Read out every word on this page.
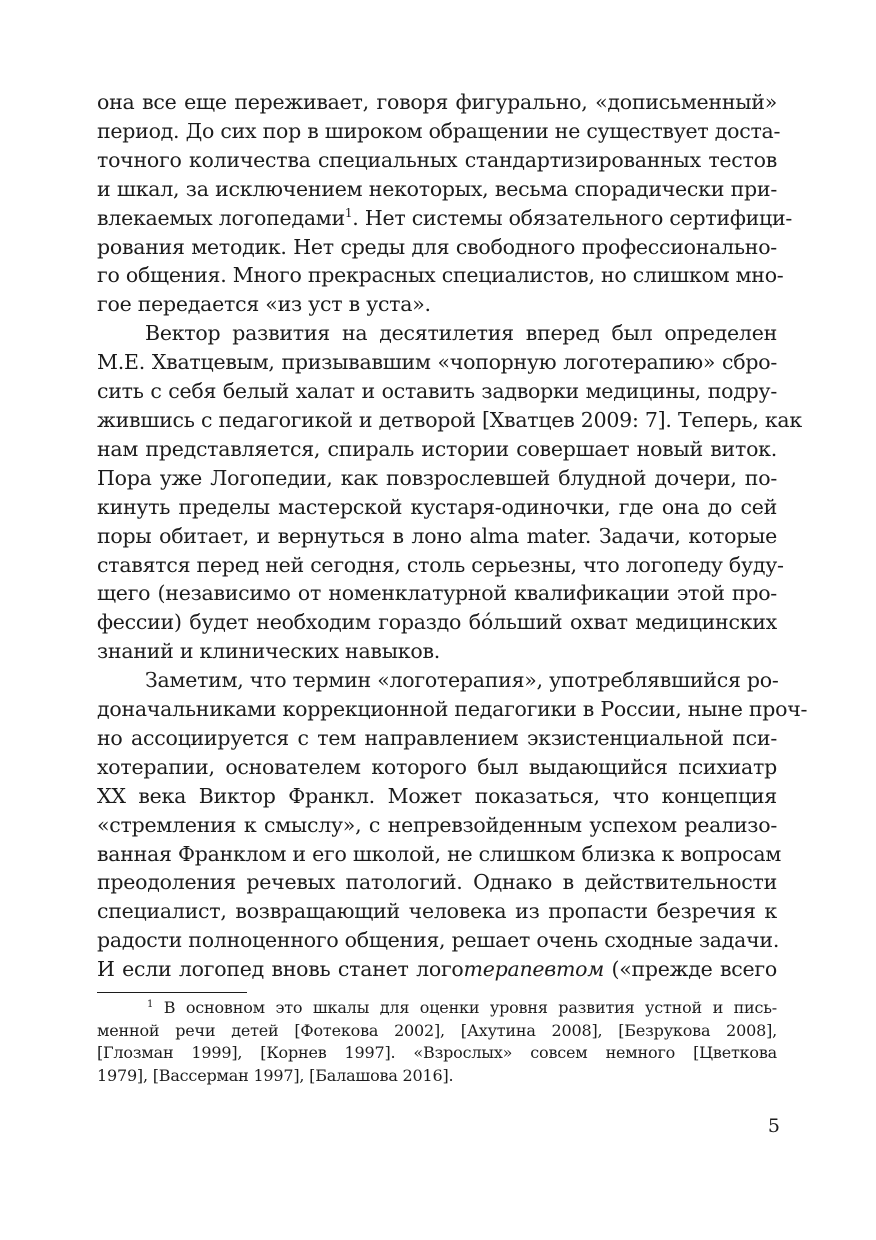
она все еще переживает, говоря фигурально, «дописьменный»
период. До сих пор в широком обращении не существует доста-
точного количества специальных стандартизированных тестов
и шкал, за исключением некоторых, весьма спорадически при-
влекаемых логопедами$^1$. Нет системы обязательного сертифици-
рования методик. Нет среды для свободного профессионально-
го общения. Много прекрасных специалистов, но слишком мно-
гое передается «из уст в уста».

Вектор развития на десятилетия вперед был определен
М.Е. Хватцевым, призывавшим «чопорную логотерапию» сбро-
сить с себя белый халат и оставить задворки медицины, подру-
жившись с педагогикой и детворой [Хватцев 2009: 7]. Теперь, как
нам представляется, спираль истории совершает новый виток.
Пора уже Логопедии, как повзрослевшей блудной дочери, по-
кинуть пределы мастерской кустаря-одиночки, где она до сей
поры обитает, и вернуться в лоно alma mater. Задачи, которые
ставятся перед ней сегодня, столь серьезны, что логопеду буду-
щего (независимо от номенклатурной квалификации этой про-
фессии) будет необходим гораздо бóльший охват медицинских
знаний и клинических навыков.

Заметим, что термин «логотерапия», употреблявшийся ро-
доначальниками коррекционной педагогики в России, ныне проч-
но ассоциируется с тем направлением экзистенциальной пси-
хотерапии, основателем которого был выдающийся психиатр
XX века Виктор Франкл. Может показаться, что концепция
«стремления к смыслу», с непревзойденным успехом реализо-
ванная Франклом и его школой, не слишком близка к вопросам
преодоления речевых патологий. Однако в действительности
специалист, возвращающий человека из пропасти безречия к
радости полноценного общения, решает очень сходные задачи.
И если логопед вновь станет логотерапевтом («прежде всего

$^1$ В основном это шкалы для оценки уровня развития устной и пись-
менной речи детей [Фотекова 2002], [Ахутина 2008], [Безрукова 2008],
[Глозман 1999], [Корнев 1997]. «Взрослых» совсем немного [Цветкова
1979], [Вассерман 1997], [Балашова 2016].
5
